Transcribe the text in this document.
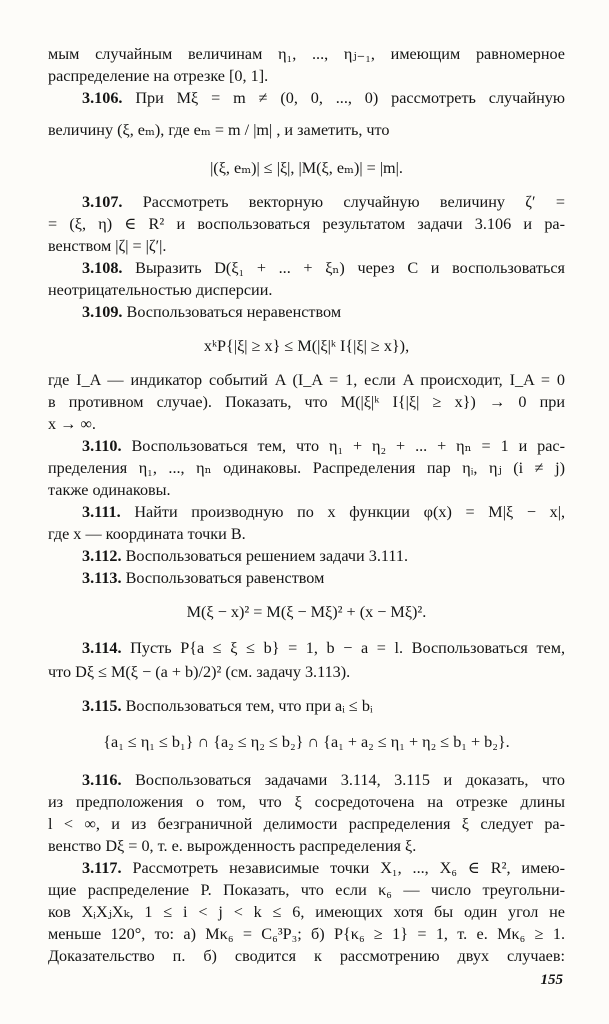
мым случайным величинам η₁, ..., ηⱼ₋₁, имеющим равномерное
распределение на отрезке [0, 1].
3.106. При Mξ = m ≠ (0, 0, ..., 0) рассмотреть случайную
величину (ξ, eₘ), где eₘ = m / |m| , и заметить, что
|(ξ, eₘ)| ≤ |ξ|, |M(ξ, eₘ)| = |m|.
3.107. Рассмотреть векторную случайную величину ζ′ =
= (ξ, η) ∈ R² и воспользоваться результатом задачи 3.106 и ра-
венством |ζ| = |ζ′|.
3.108. Выразить D(ξ₁ + ... + ξₙ) через C и воспользоваться
неотрицательностью дисперсии.
3.109. Воспользоваться неравенством
xᵏP{|ξ| ≥ x} ≤ M(|ξ|ᵏ I{|ξ| ≥ x}),
где I_A — индикатор событий A (I_A = 1, если A происходит, I_A = 0
в противном случае). Показать, что M(|ξ|ᵏ I{|ξ| ≥ x}) → 0 при
x → ∞.
3.110. Воспользоваться тем, что η₁ + η₂ + ... + ηₙ = 1 и рас-
пределения η₁, ..., ηₙ одинаковы. Распределения пар ηᵢ, ηⱼ (i ≠ j)
также одинаковы.
3.111. Найти производную по x функции φ(x) = M|ξ − x|,
где x — координата точки B.
3.112. Воспользоваться решением задачи 3.111.
3.113. Воспользоваться равенством
M(ξ − x)² = M(ξ − Mξ)² + (x − Mξ)².
3.114. Пусть P{a ≤ ξ ≤ b} = 1, b − a = l. Воспользоваться тем,
что Dξ ≤ M(ξ − (a + b)/2)² (см. задачу 3.113).
3.115. Воспользоваться тем, что при aᵢ ≤ bᵢ
{a₁ ≤ η₁ ≤ b₁} ∩ {a₂ ≤ η₂ ≤ b₂} ∩ {a₁ + a₂ ≤ η₁ + η₂ ≤ b₁ + b₂}.
3.116. Воспользоваться задачами 3.114, 3.115 и доказать, что
из предположения о том, что ξ сосредоточена на отрезке длины
l < ∞, и из безграничной делимости распределения ξ следует ра-
венство Dξ = 0, т. е. вырожденность распределения ξ.
3.117. Рассмотреть независимые точки X₁, ..., X₆ ∈ R², имею-
щие распределение P. Показать, что если κ₆ — число треугольни-
ков XᵢXⱼXₖ, 1 ≤ i < j < k ≤ 6, имеющих хотя бы один угол не
меньше 120°, то: а) Mκ₆ = C₆³P₃; б) P{κ₆ ≥ 1} = 1, т. е. Mκ₆ ≥ 1.
Доказательство п. б) сводится к рассмотрению двух случаев:
155
